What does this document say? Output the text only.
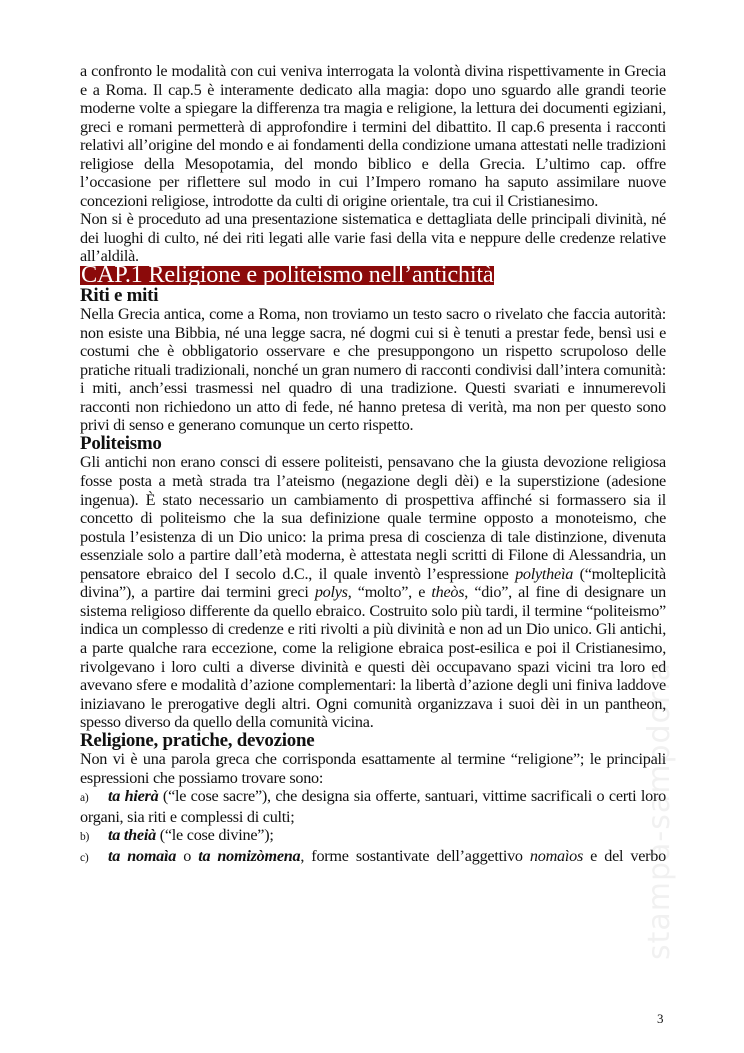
a confronto le modalità con cui veniva interrogata la volontà divina rispettivamente in Grecia e a Roma. Il cap.5 è interamente dedicato alla magia: dopo uno sguardo alle grandi teorie moderne volte a spiegare la differenza tra magia e religione, la lettura dei documenti egiziani, greci e romani permetterà di approfondire i termini del dibattito. Il cap.6 presenta i racconti relativi all’origine del mondo e ai fondamenti della condizione umana attestati nelle tradizioni religiose della Mesopotamia, del mondo biblico e della Grecia. L’ultimo cap. offre l’occasione per riflettere sul modo in cui l’Impero romano ha saputo assimilare nuove concezioni religiose, introdotte da culti di origine orientale, tra cui il Cristianesimo.

Non si è proceduto ad una presentazione sistematica e dettagliata delle principali divinità, né dei luoghi di culto, né dei riti legati alle varie fasi della vita e neppure delle credenze relative all’aldilà.

CAP.1 Religione e politeismo nell’antichità
Riti e miti

Nella Grecia antica, come a Roma, non troviamo un testo sacro o rivelato che faccia autorità: non esiste una Bibbia, né una legge sacra, né dogmi cui si è tenuti a prestar fede, bensì usi e costumi che è obbligatorio osservare e che presuppongono un rispetto scrupoloso delle pratiche rituali tradizionali, nonché un gran numero di racconti condivisi dall’intera comunità: i miti, anch’essi trasmessi nel quadro di una tradizione. Questi svariati e innumerevoli racconti non richiedono un atto di fede, né hanno pretesa di verità, ma non per questo sono privi di senso e generano comunque un certo rispetto.

Politeismo

Gli antichi non erano consci di essere politeisti, pensavano che la giusta devozione religiosa fosse posta a metà strada tra l’ateismo (negazione degli dèi) e la superstizione (adesione ingenua). È stato necessario un cambiamento di prospettiva affinché si formassero sia il concetto di politeismo che la sua definizione quale termine opposto a monoteismo, che postula l’esistenza di un Dio unico: la prima presa di coscienza di tale distinzione, divenuta essenziale solo a partire dall’età moderna, è attestata negli scritti di Filone di Alessandria, un pensatore ebraico del I secolo d.C., il quale inventò l’espressione polytheìa (“molteplicità divina”), a partire dai termini greci polys, “molto”, e theòs, “dio”, al fine di designare un sistema religioso differente da quello ebraico. Costruito solo più tardi, il termine “politeismo” indica un complesso di credenze e riti rivolti a più divinità e non ad un Dio unico. Gli antichi, a parte qualche rara eccezione, come la religione ebraica post-esilica e poi il Cristianesimo, rivolgevano i loro culti a diverse divinità e questi dèi occupavano spazi vicini tra loro ed avevano sfere e modalità d’azione complementari: la libertà d’azione degli uni finiva laddove iniziavano le prerogative degli altri. Ogni comunità organizzava i suoi dèi in un pantheon, spesso diverso da quello della comunità vicina.

Religione, pratiche, devozione

Non vi è una parola greca che corrisponda esattamente al termine “religione”; le principali espressioni che possiamo trovare sono:

a) ta hierà (“le cose sacre”), che designa sia offerte, santuari, vittime sacrificali o certi loro organi, sia riti e complessi di culti;

b) ta theià (“le cose divine”);

c) ta nomaìa o ta nomizòmena, forme sostantivate dell’aggettivo nomaìos e del verbo

stampa-sampdoria
3
